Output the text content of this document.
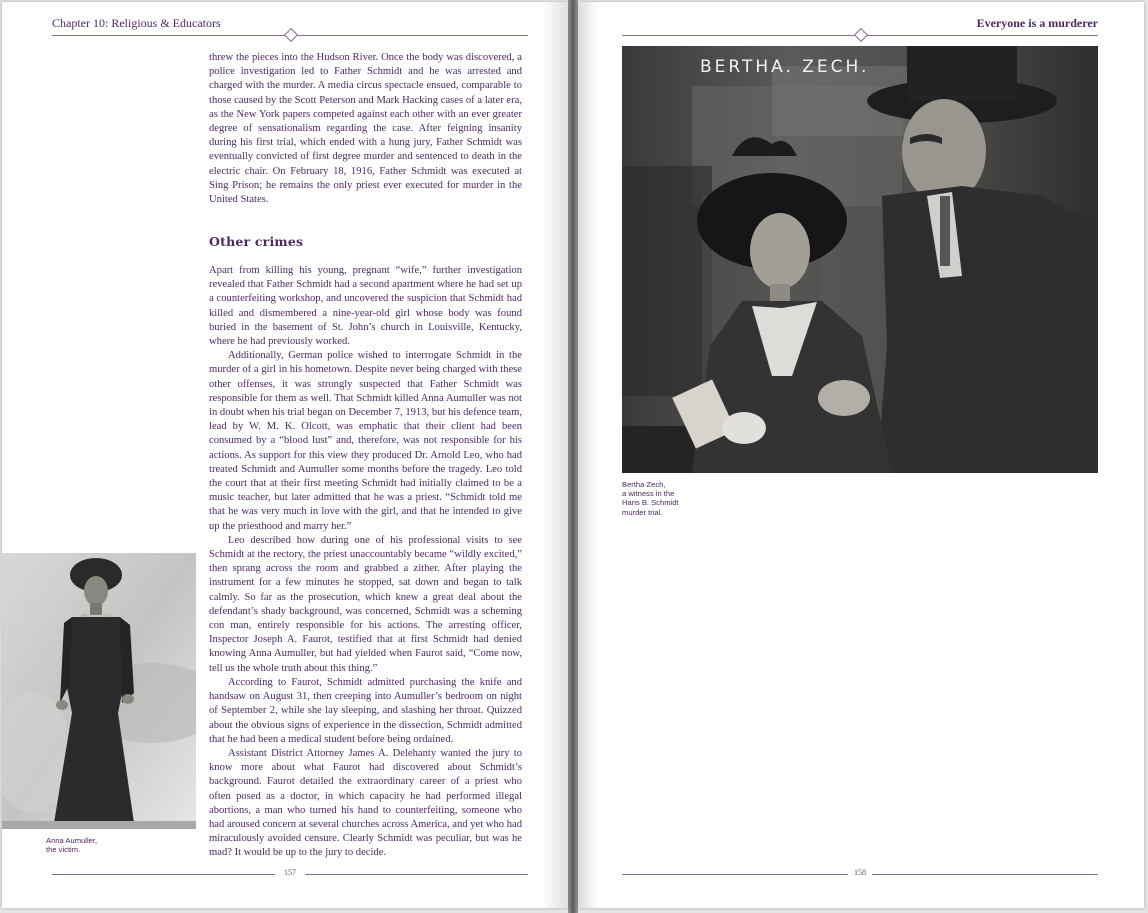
Chapter 10: Religious & Educators

threw the pieces into the Hudson River. Once the body was discovered, a police investigation led to Father Schmidt and he was arrested and charged with the murder. A media circus spectacle ensued, comparable to those caused by the Scott Peterson and Mark Hacking cases of a later era, as the New York papers competed against each other with an ever greater degree of sensationalism regarding the case. After feigning insanity during his first trial, which ended with a hung jury, Father Schmidt was eventually convicted of first degree murder and sentenced to death in the electric chair. On February 18, 1916, Father Schmidt was executed at Sing Prison; he remains the only priest ever executed for murder in the United States.

Other crimes

Apart from killing his young, pregnant “wife,” further investigation revealed that Father Schmidt had a second apartment where he had set up a counterfeiting workshop, and uncovered the suspicion that Schmidt had killed and dismembered a nine-year-old girl whose body was found buried in the basement of St. John’s church in Louisville, Kentucky, where he had previously worked.

Additionally, German police wished to interrogate Schmidt in the murder of a girl in his hometown. Despite never being charged with these other offenses, it was strongly suspected that Father Schmidt was responsible for them as well. That Schmidt killed Anna Aumuller was not in doubt when his trial began on December 7, 1913, but his defence team, lead by W. M. K. Olcott, was emphatic that their client had been consumed by a “blood lust” and, therefore, was not responsible for his actions. As support for this view they produced Dr. Arnold Leo, who had treated Schmidt and Aumuller some months before the tragedy. Leo told the court that at their first meeting Schmidt had initially claimed to be a music teacher, but later admitted that he was a priest. “Schmidt told me that he was very much in love with the girl, and that he intended to give up the priesthood and marry her.”

Leo described how during one of his professional visits to see Schmidt at the rectory, the priest unaccountably became “wildly excited,” then sprang across the room and grabbed a zither. After playing the instrument for a few minutes he stopped, sat down and began to talk calmly. So far as the prosecution, which knew a great deal about the defendant’s shady background, was concerned, Schmidt was a scheming con man, entirely responsible for his actions. The arresting officer, Inspector Joseph A. Faurot, testified that at first Schmidt had denied knowing Anna Aumuller, but had yielded when Faurot said, “Come now, tell us the whole truth about this thing.”

According to Faurot, Schmidt admitted purchasing the knife and handsaw on August 31, then creeping into Aumuller’s bedroom on night of September 2, while she lay sleeping, and slashing her throat. Quizzed about the obvious signs of experience in the dissection, Schmidt admitted that he had been a medical student before being ordained.

Assistant District Attorney James A. Delehanty wanted the jury to know more about what Faurot had discovered about Schmidt’s background. Faurot detailed the extraordinary career of a priest who often posed as a doctor, in which capacity he had performed illegal abortions, a man who turned his hand to counterfeiting, someone who had aroused concern at several churches across America, and yet who had miraculously avoided censure. Clearly Schmidt was peculiar, but was he mad? It would be up to the jury to decide.

Anna Aumuller,
the victim.
157
Everyone is a murderer
BERTHA. ZECH.
Bertha Zech,
a witness in the
Hans B. Schmidt
murder trial.
158
